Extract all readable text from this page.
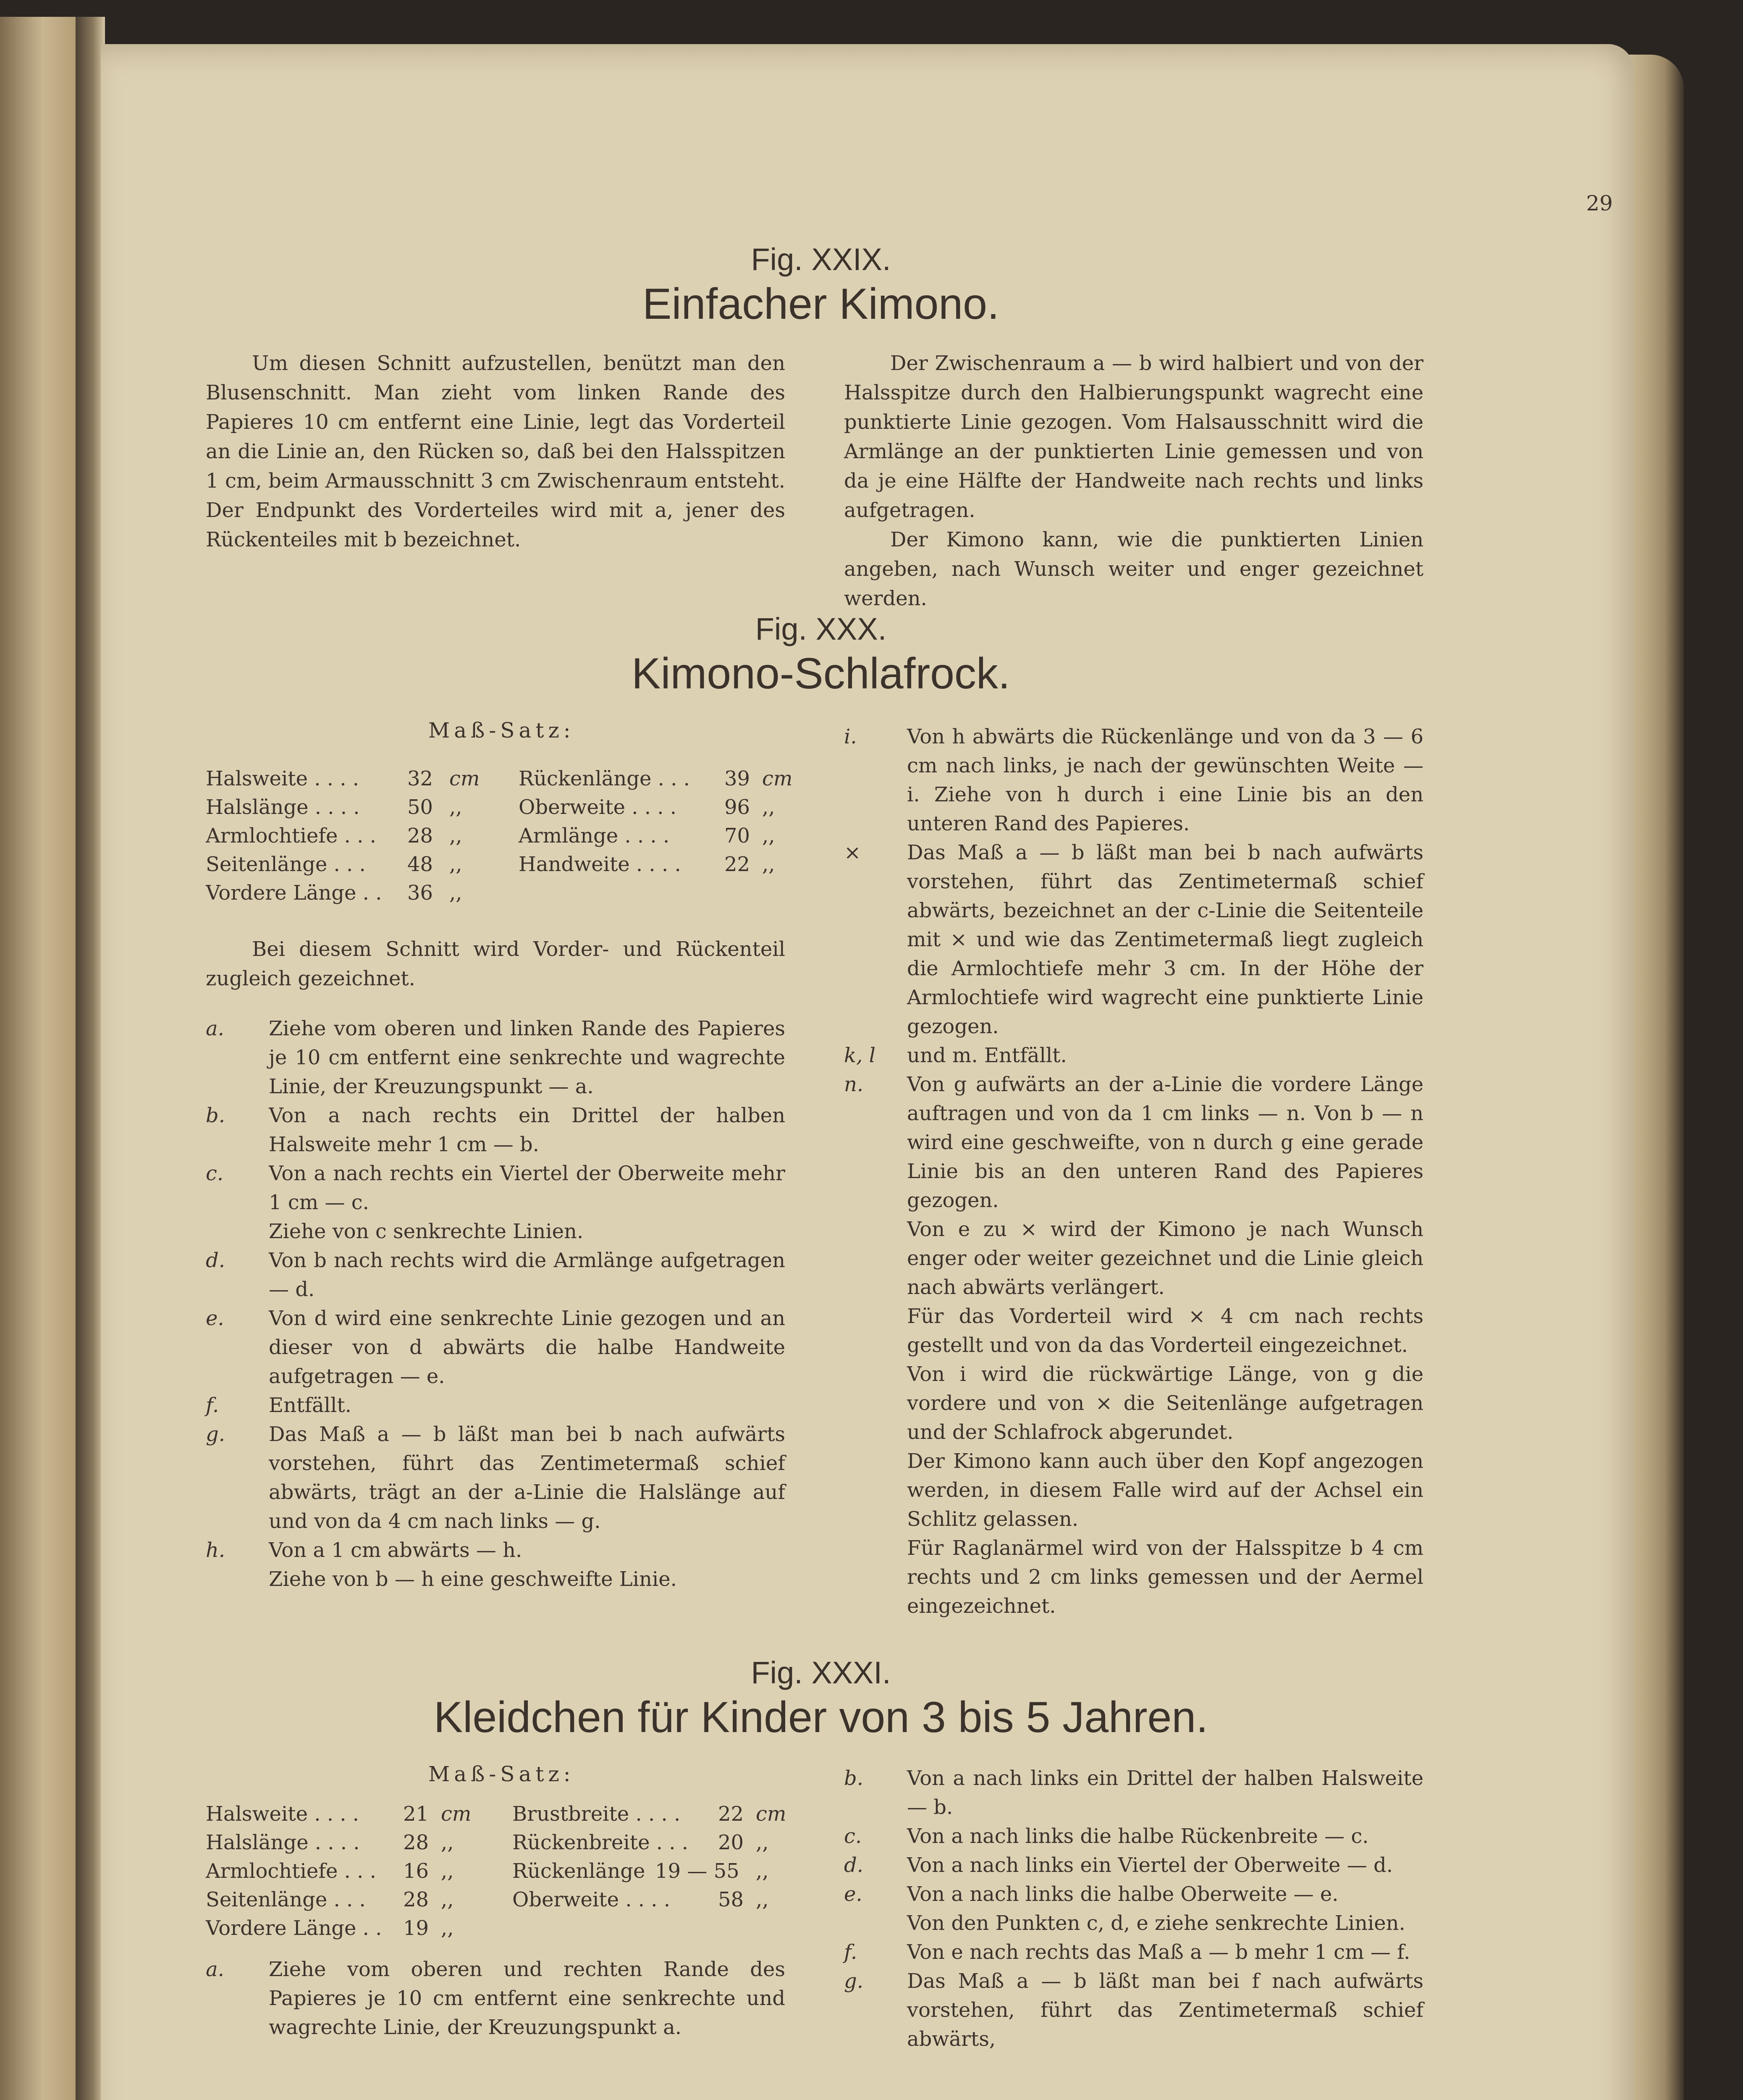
29
Fig. XXIX.
Einfacher Kimono.

Um diesen Schnitt aufzustellen, benützt man den Blusenschnitt. Man zieht vom linken Rande des Papieres 10 cm entfernt eine Linie, legt das Vorderteil an die Linie an, den Rücken so, daß bei den Halsspitzen 1 cm, beim Armausschnitt 3 cm Zwischenraum entsteht. Der Endpunkt des Vorderteiles wird mit a, jener des Rückenteiles mit b bezeichnet.

Der Zwischenraum a — b wird halbiert und von der Halsspitze durch den Halbierungspunkt wagrecht eine punktierte Linie gezogen. Vom Halsausschnitt wird die Armlänge an der punktierten Linie gemessen und von da je eine Hälfte der Handweite nach rechts und links aufgetragen.

Der Kimono kann, wie die punktierten Linien angeben, nach Wunsch weiter und enger gezeichnet werden.

Fig. XXX.
Kimono-Schlafrock.
Maß-Satz:
Halsweite . . . . 32 cm
Halslänge . . . . 50 ,,
Armlochtiefe . . . 28 ,,
Seitenlänge . . . 48 ,,
Vordere Länge . . 36 ,,
Rückenlänge . . . 39 cm
Oberweite . . . . 96 ,,
Armlänge . . . .	70 ,,
Handweite . . . . 22 ,,

Bei diesem Schnitt wird Vorder- und Rückenteil zugleich gezeichnet.

a. Ziehe vom oberen und linken Rande des Papieres je 10 cm entfernt eine senkrechte und wagrechte Linie, der Kreuzungspunkt — a.
b. Von a nach rechts ein Drittel der halben Halsweite mehr 1 cm — b.
c. Von a nach rechts ein Viertel der Oberweite mehr 1 cm — c.
Ziehe von c senkrechte Linien.
d. Von b nach rechts wird die Armlänge aufgetragen — d.
e. Von d wird eine senkrechte Linie gezogen und an dieser von d abwärts die halbe Handweite aufgetragen — e.
f. Entfällt.
g. Das Maß a — b läßt man bei b nach aufwärts vorstehen, führt das Zentimetermaß schief abwärts, trägt an der a-Linie die Halslänge auf und von da 4 cm nach links — g.
h. Von a 1 cm abwärts — h.
Ziehe von b — h eine geschweifte Linie.
i. Von h abwärts die Rückenlänge und von da 3 — 6 cm nach links, je nach der gewünschten Weite — i. Ziehe von h durch i eine Linie bis an den unteren Rand des Papieres.
× Das Maß a — b läßt man bei b nach aufwärts vorstehen, führt das Zentimetermaß schief abwärts, bezeichnet an der c-Linie die Seitenteile mit × und wie das Zentimetermaß liegt zugleich die Armlochtiefe mehr 3 cm. In der Höhe der Armlochtiefe wird wagrecht eine punktierte Linie gezogen.
k, l und m. Entfällt.
n. Von g aufwärts an der a-Linie die vordere Länge auftragen und von da 1 cm links — n. Von b — n wird eine geschweifte, von n durch g eine gerade Linie bis an den unteren Rand des Papieres gezogen.
Von e zu × wird der Kimono je nach Wunsch enger oder weiter gezeichnet und die Linie gleich nach abwärts verlängert.
Für das Vorderteil wird × 4 cm nach rechts gestellt und von da das Vorderteil eingezeichnet.
Von i wird die rückwärtige Länge, von g die vordere und von × die Seitenlänge aufgetragen und der Schlafrock abgerundet.
Der Kimono kann auch über den Kopf angezogen werden, in diesem Falle wird auf der Achsel ein Schlitz gelassen.
Für Raglanärmel wird von der Halsspitze b 4 cm rechts und 2 cm links gemessen und der Aermel eingezeichnet.
Fig. XXXI.
Kleidchen für Kinder von 3 bis 5 Jahren.
Maß-Satz:
Halsweite . . . . 21 cm
Halslänge . . . . 28 ,,
Armlochtiefe . . . 16 ,,
Seitenlänge . . . 28 ,,
Vordere Länge . . 19 ,,
Brustbreite . . . . 22 cm
Rückenbreite . . . 20 ,,
Rückenlänge 19 — 55 ,,
Oberweite . . . . 58 ,,
a. Ziehe vom oberen und rechten Rande des Papieres je 10 cm entfernt eine senkrechte und wagrechte Linie, der Kreuzungspunkt a.
b. Von a nach links ein Drittel der halben Halsweite — b.
c. Von a nach links die halbe Rückenbreite — c.
d. Von a nach links ein Viertel der Oberweite — d.
e. Von a nach links die halbe Oberweite — e.
Von den Punkten c, d, e ziehe senkrechte Linien.
f. Von e nach rechts das Maß a — b mehr 1 cm — f.
g. Das Maß a — b läßt man bei f nach aufwärts vorstehen, führt das Zentimetermaß schief abwärts,
